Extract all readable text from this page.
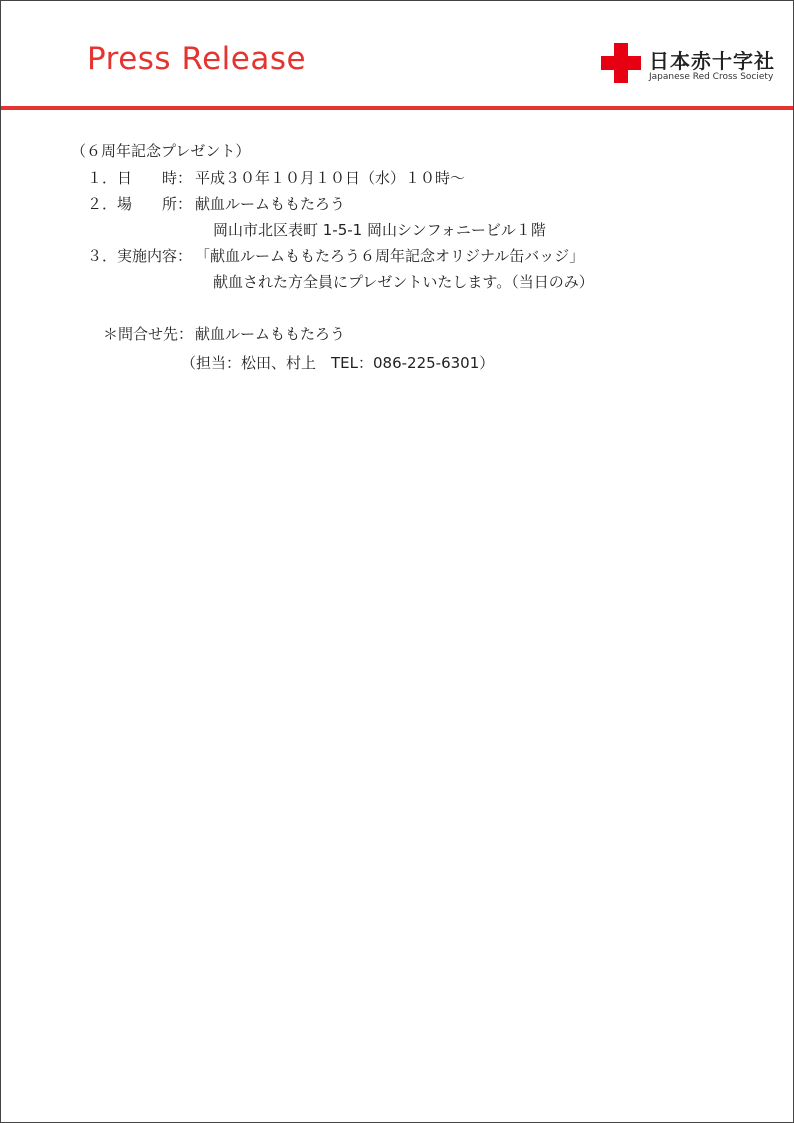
Press Release	日本赤十字社
Japanese Red Cross Society
（６周年記念プレゼント）
１．日　　時： 平成３０年１０月１０日（水）１０時～
２．場　　所： 献血ルームももたろう
岡山市北区表町 1-5-1 岡山シンフォニービル１階
３．実施内容： 「献血ルームももたろう６周年記念オリジナル缶バッジ」
献血された方全員にプレゼントいたします。（当日のみ）
＊問合せ先： 献血ルームももたろう
（担当：松田、村上　TEL：086-225-6301）
